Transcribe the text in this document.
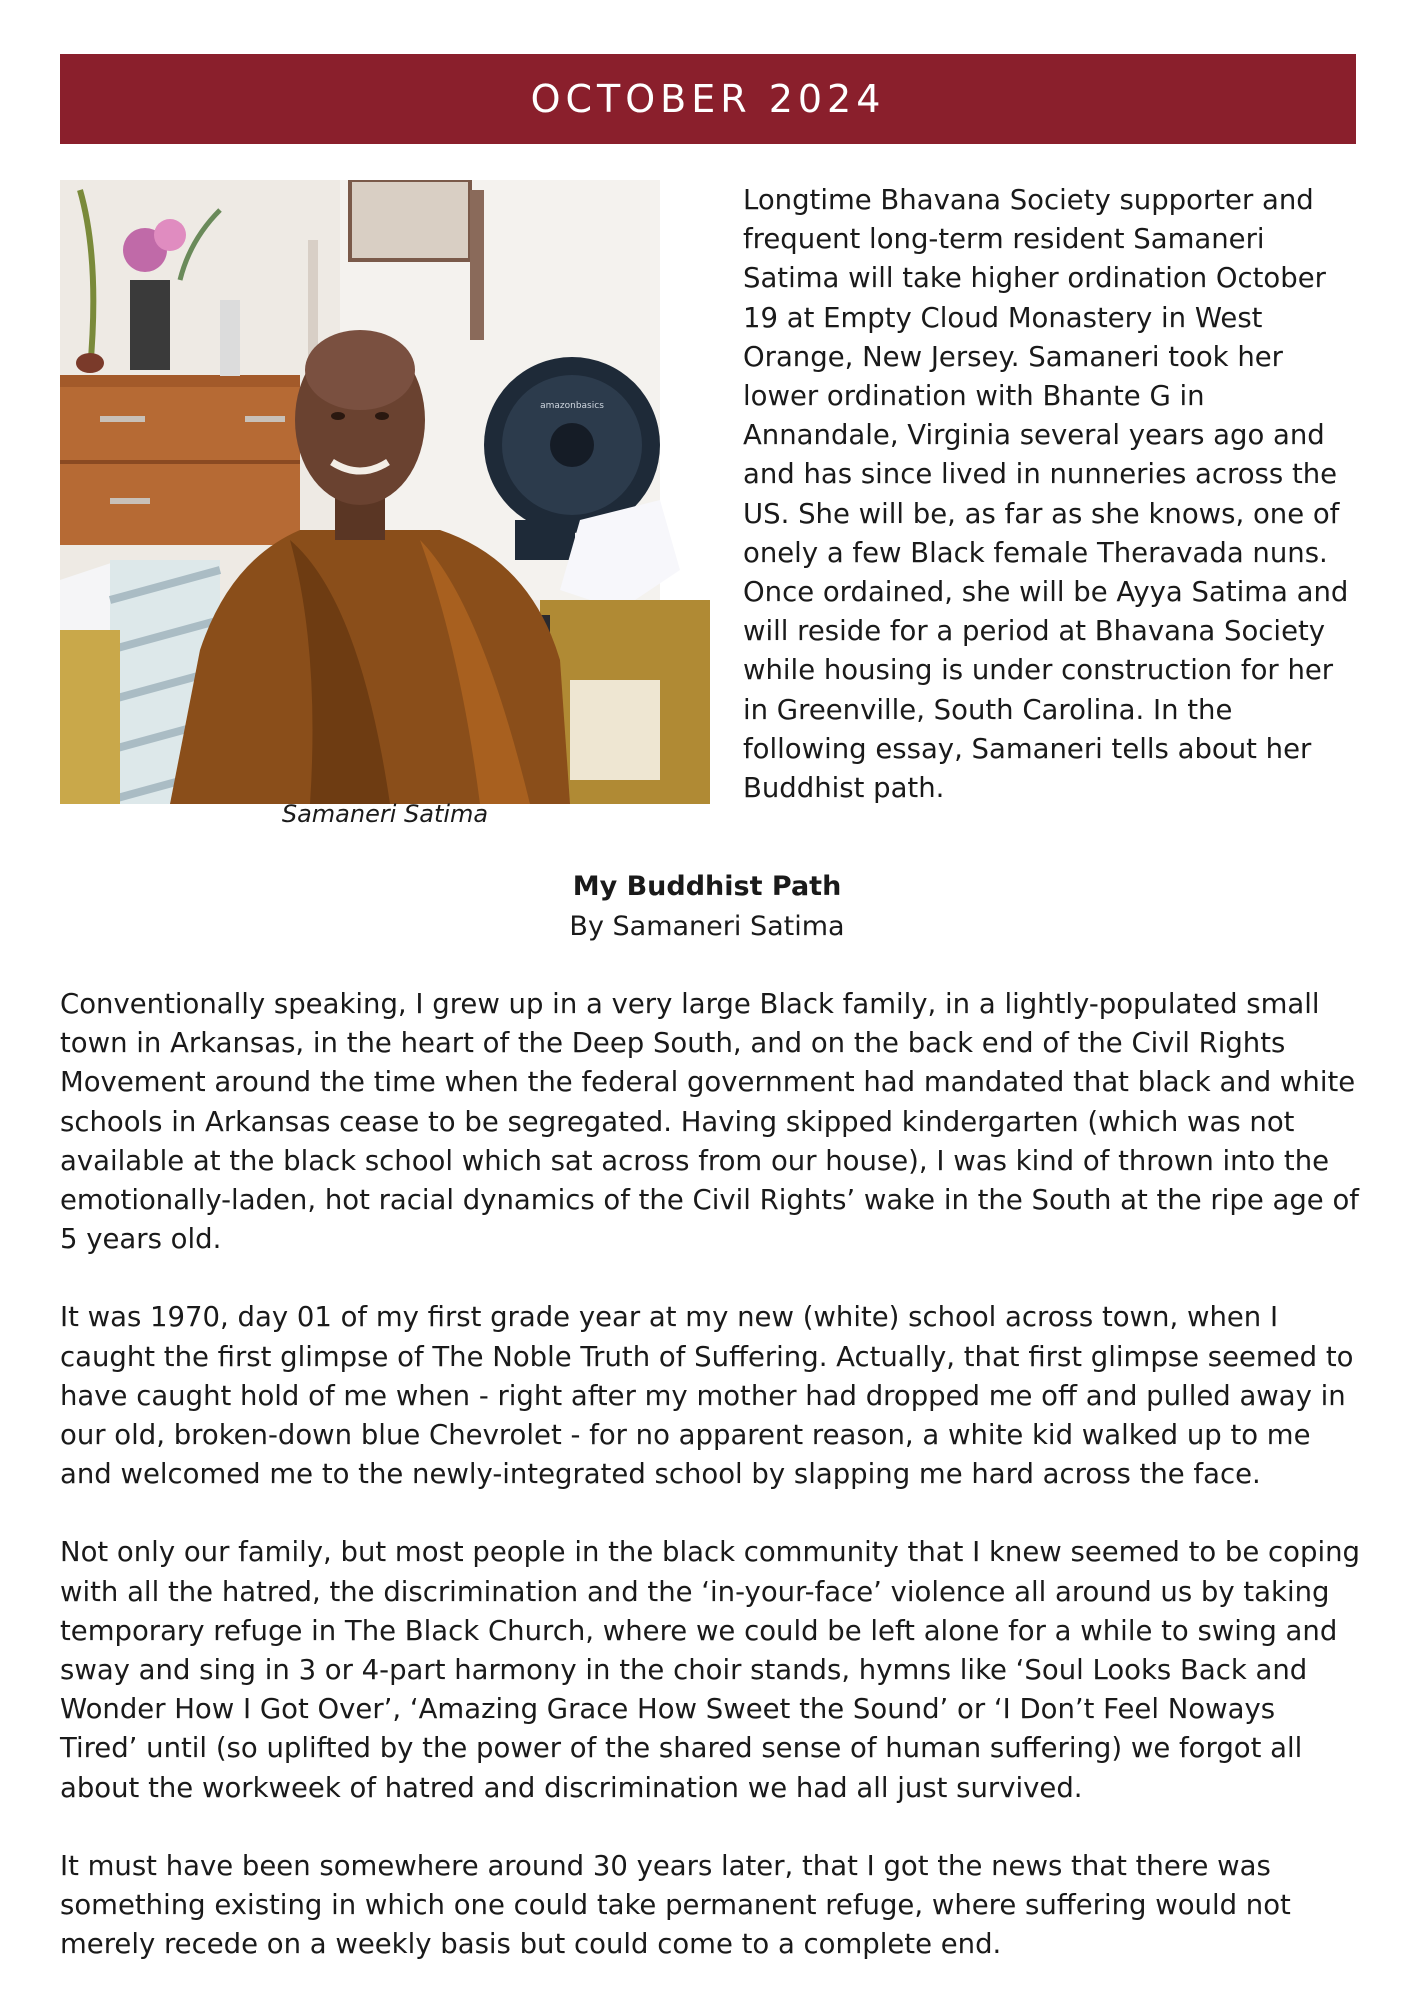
OCTOBER 2024
amazonbasics
Samaneri Satima

Longtime Bhavana Society supporter and frequent long-term resident Samaneri Satima will take higher ordination October 19 at Empty Cloud Monastery in West Orange, New Jersey. Samaneri took her lower ordination with Bhante G in Annandale, Virginia several years ago and and has since lived in nunneries across the US. She will be, as far as she knows, one of onely a few Black female Theravada nuns. Once ordained, she will be Ayya Satima and will reside for a period at Bhavana Society while housing is under construction for her in Greenville, South Carolina. In the following essay, Samaneri tells about her Buddhist path.

My Buddhist Path
By Samaneri Satima

Conventionally speaking, I grew up in a very large Black family, in a lightly-populated small town in Arkansas, in the heart of the Deep South, and on the back end of the Civil Rights Movement around the time when the federal government had mandated that black and white schools in Arkansas cease to be segregated. Having skipped kindergarten (which was not available at the black school which sat across from our house), I was kind of thrown into the emotionally-laden, hot racial dynamics of the Civil Rights’ wake in the South at the ripe age of 5 years old.

It was 1970, day 01 of my first grade year at my new (white) school across town, when I caught the first glimpse of The Noble Truth of Suffering. Actually, that first glimpse seemed to have caught hold of me when - right after my mother had dropped me off and pulled away in our old, broken-down blue Chevrolet - for no apparent reason, a white kid walked up to me and welcomed me to the newly-integrated school by slapping me hard across the face.

Not only our family, but most people in the black community that I knew seemed to be coping with all the hatred, the discrimination and the ‘in-your-face’ violence all around us by taking temporary refuge in The Black Church, where we could be left alone for a while to swing and sway and sing in 3 or 4-part harmony in the choir stands, hymns like ‘Soul Looks Back and Wonder How I Got Over’, ‘Amazing Grace How Sweet the Sound’ or ‘I Don’t Feel Noways Tired’ until (so uplifted by the power of the shared sense of human suffering) we forgot all about the workweek of hatred and discrimination we had all just survived.

It must have been somewhere around 30 years later, that I got the news that there was something existing in which one could take permanent refuge, where suffering would not merely recede on a weekly basis but could come to a complete end.
